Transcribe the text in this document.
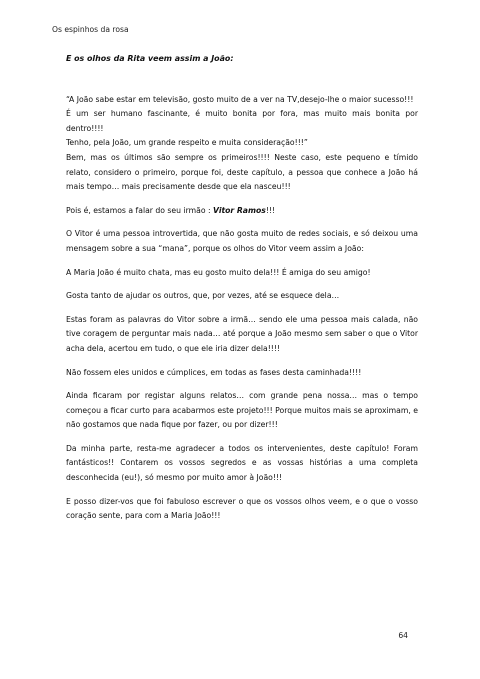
Os espinhos da rosa

E os olhos da Rita veem assim a João:

“A João sabe estar em televisão, gosto muito de a ver na TV,desejo-lhe o maior sucesso!!!

É um ser humano fascinante, é muito bonita por fora, mas muito mais bonita por dentro!!!!

Tenho, pela João, um grande respeito e muita consideração!!!”

Bem, mas os últimos são sempre os primeiros!!!! Neste caso, este pequeno e tímido relato, considero o primeiro, porque foi, deste capítulo, a pessoa que conhece a João há mais tempo… mais precisamente desde que ela nasceu!!!

Pois é, estamos a falar do seu irmão : Vitor Ramos!!!

O Vitor é uma pessoa introvertida, que não gosta muito de redes sociais, e só deixou uma mensagem sobre a sua “mana”, porque os olhos do Vitor veem assim a João:

A Maria João é muito chata, mas eu gosto muito dela!!! É amiga do seu amigo!

Gosta tanto de ajudar os outros, que, por vezes, até se esquece dela…

Estas foram as palavras do Vitor sobre a irmã… sendo ele uma pessoa mais calada, não tive coragem de perguntar mais nada… até porque a João mesmo sem saber o que o Vitor acha dela, acertou em tudo, o que ele iria dizer dela!!!!

Não fossem eles unidos e cúmplices, em todas as fases desta caminhada!!!!

Ainda ficaram por registar alguns relatos… com grande pena nossa… mas o tempo começou a ficar curto para acabarmos este projeto!!! Porque muitos mais se aproximam, e não gostamos que nada fique por fazer, ou por dizer!!!

Da minha parte, resta-me agradecer a todos os intervenientes, deste capítulo! Foram fantásticos!! Contarem os vossos segredos e as vossas histórias a uma completa desconhecida (eu!), só mesmo por muito amor à João!!!

E posso dizer-vos que foi fabuloso escrever o que os vossos olhos veem, e o que o vosso coração sente, para com a Maria João!!!

64
